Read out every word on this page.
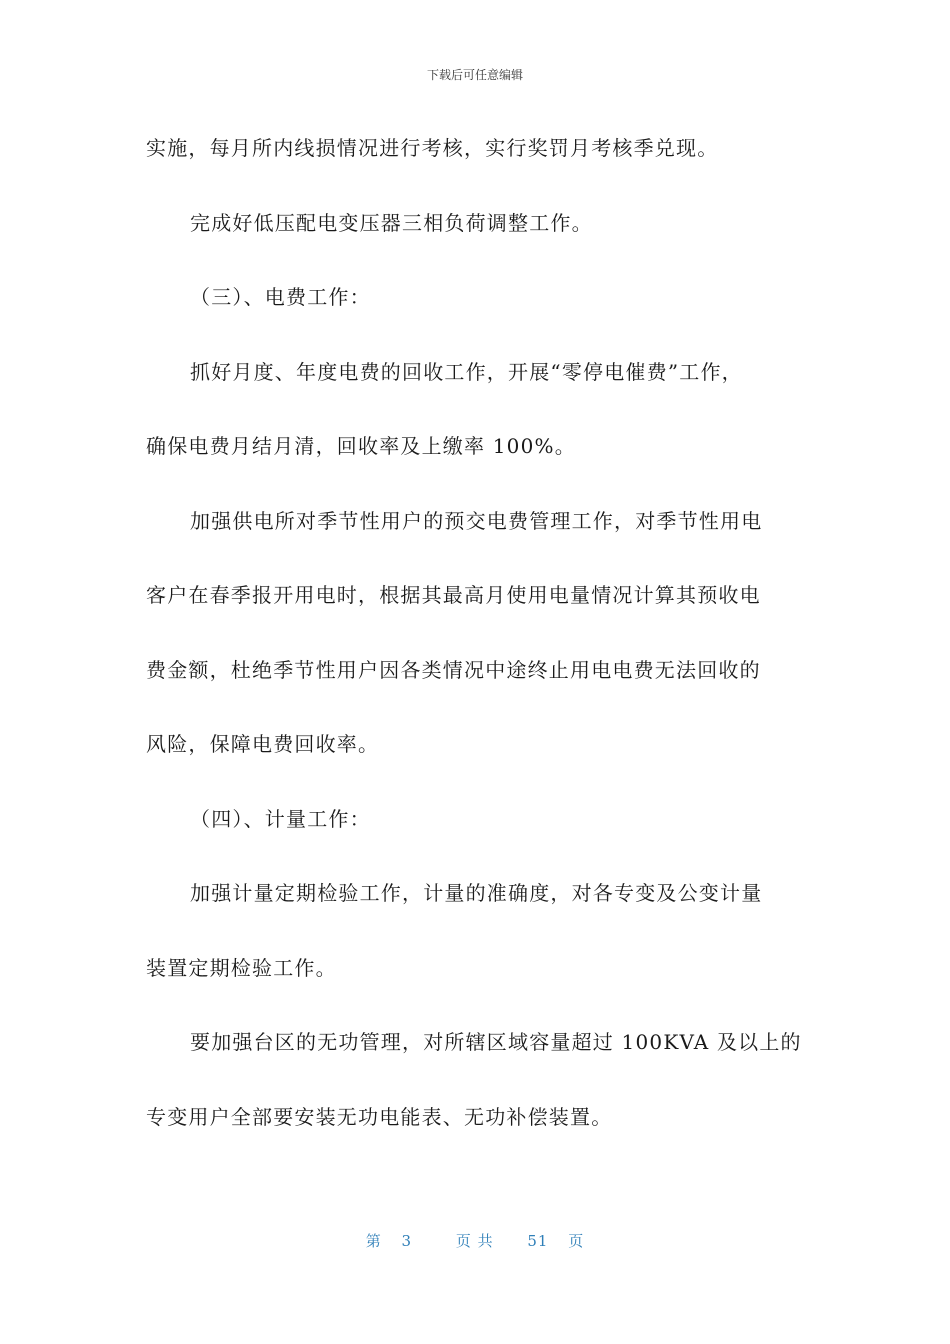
下载后可任意编辑
实施，每月所内线损情况进行考核，实行奖罚月考核季兑现。
完成好低压配电变压器三相负荷调整工作。
（三）、电费工作：
抓好月度、年度电费的回收工作，开展“零停电催费”工作，
确保电费月结月清，回收率及上缴率 100%。
加强供电所对季节性用户的预交电费管理工作，对季节性用电
客户在春季报开用电时，根据其最高月使用电量情况计算其预收电
费金额，杜绝季节性用户因各类情况中途终止用电电费无法回收的
风险，保障电费回收率。
（四）、计量工作：
加强计量定期检验工作，计量的准确度，对各专变及公变计量
装置定期检验工作。
要加强台区的无功管理，对所辖区域容量超过 100KVA 及以上的
专变用户全部要安装无功电能表、无功补偿装置。
第 3	页 共 51 页
